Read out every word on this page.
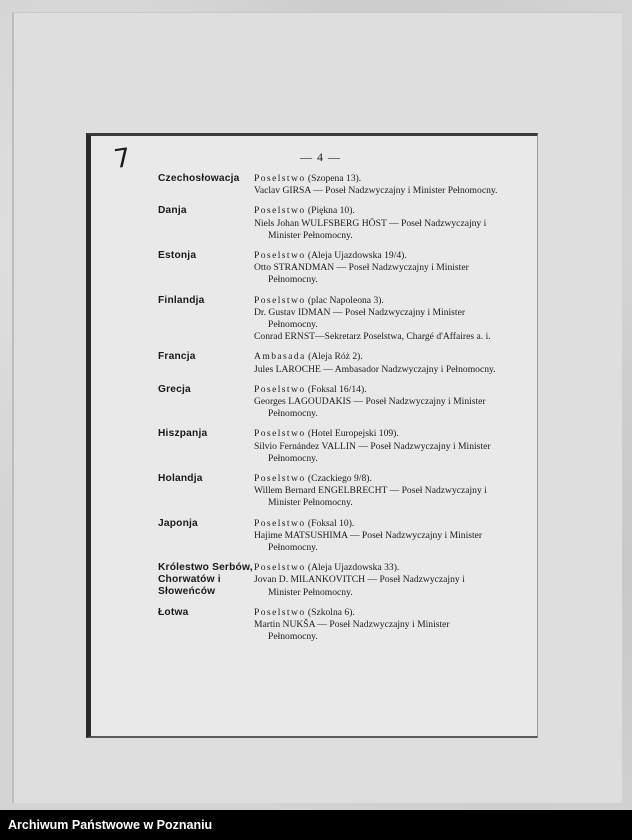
7	— 4 —
Czechosłowacja	Poselstwo (Szopena 13).
Vaclav GIRSA — Poseł Nadzwyczajny i Minister Pełnomocny.
Danja	Poselstwo (Piękna 10).
Niels Johan WULFSBERG HÖST — Poseł Nadzwyczajny i Minister Pełnomocny.
Estonja	Poselstwo (Aleja Ujazdowska 19/4).
Otto STRANDMAN — Poseł Nadzwyczajny i Minister Pełnomocny.
Finlandja	Poselstwo (plac Napoleona 3).
Dr. Gustav IDMAN — Poseł Nadzwyczajny i Minister Pełnomocny.
Conrad ERNST—Sekretarz Poselstwa, Chargé d'Affaires a. i.
Francja	Ambasada (Aleja Róż 2).
Jules LAROCHE — Ambasador Nadzwyczajny i Pełnomocny.
Grecja	Poselstwo (Foksal 16/14).
Georges LAGOUDAKIS — Poseł Nadzwyczajny i Minister Pełnomocny.
Hiszpanja	Poselstwo (Hotel Europejski 109).
Silvio Fernández VALLIN — Poseł Nadzwyczajny i Minister Pełnomocny.
Holandja	Poselstwo (Czackiego 9/8).
Willem Bernard ENGELBRECHT — Poseł Nadzwyczajny i Minister Pełnomocny.
Japonja	Poselstwo (Foksal 10).
Hajime MATSUSHIMA — Poseł Nadzwyczajny i Minister Pełnomocny.
Królestwo Serbów, Chorwatów i Słoweńców
Poselstwo (Aleja Ujazdowska 33).
Jovan D. MILANKOVITCH — Poseł Nadzwyczajny i Minister Pełnomocny.
Łotwa	Poselstwo (Szkolna 6).
Martin NUKŠA — Poseł Nadzwyczajny i Minister Pełnomocny.
Archiwum Państwowe w Poznaniu
